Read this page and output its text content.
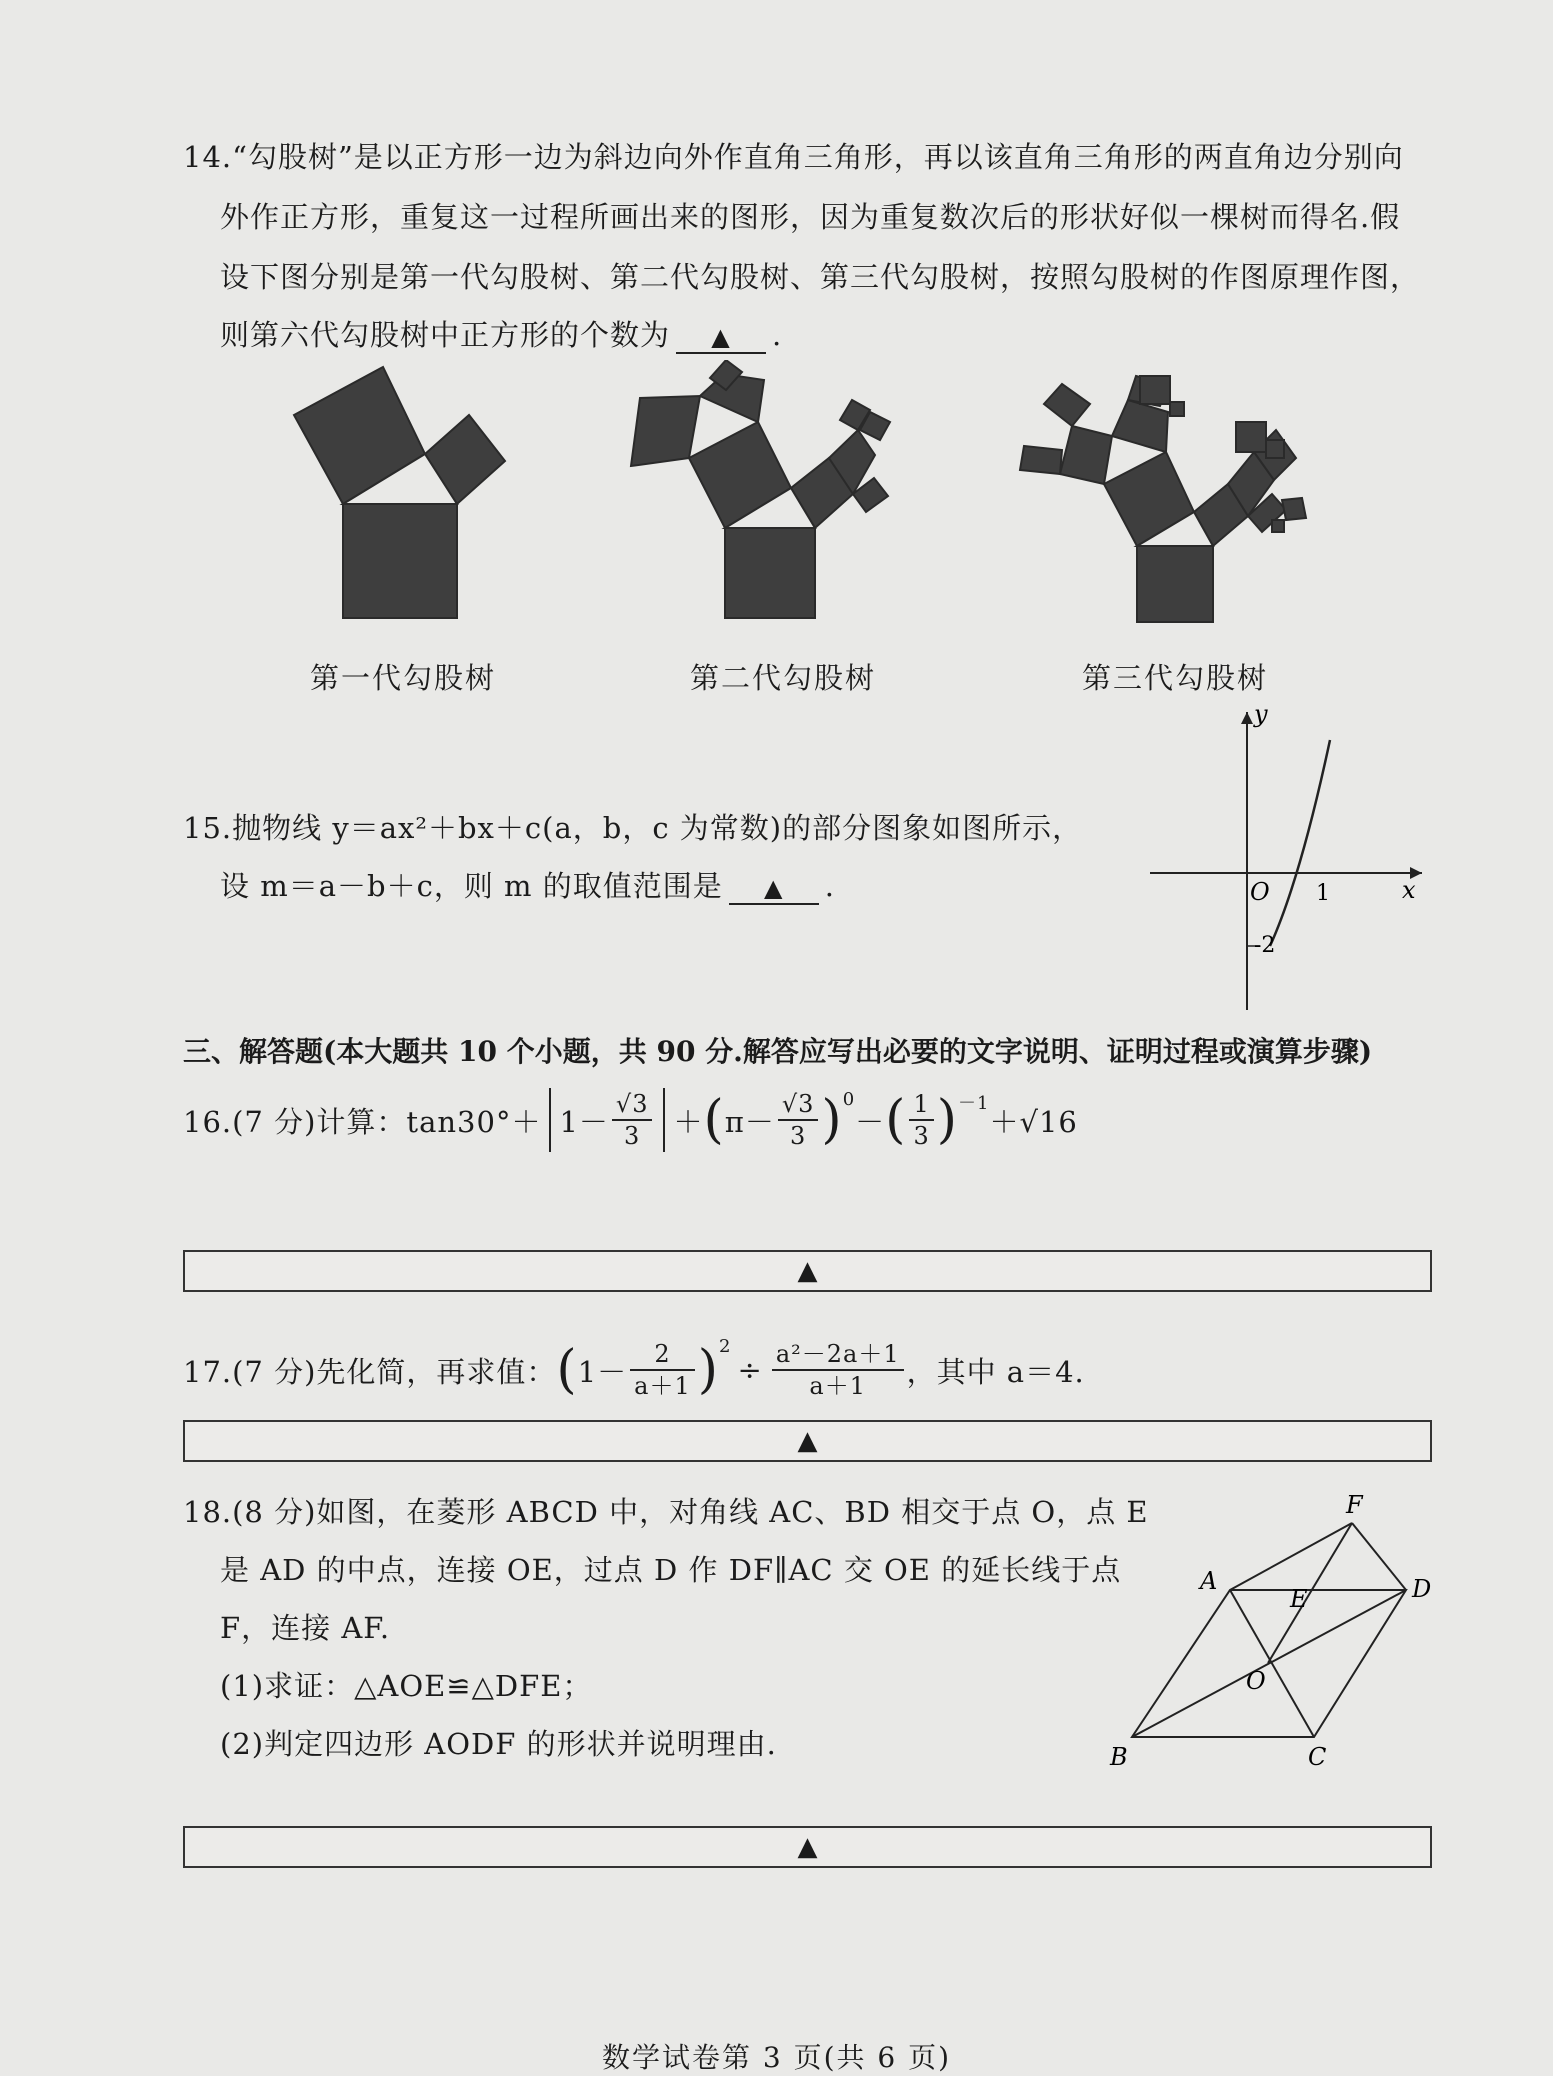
14.“勾股树”是以正方形一边为斜边向外作直角三角形，再以该直角三角形的两直角边分别向
外作正方形，重复这一过程所画出来的图形，因为重复数次后的形状好似一棵树而得名.假
设下图分别是第一代勾股树、第二代勾股树、第三代勾股树，按照勾股树的作图原理作图，
则第六代勾股树中正方形的个数为 ▲ .
第一代勾股树	第二代勾股树	第三代勾股树
15.抛物线 y＝ax²＋bx＋c(a，b，c 为常数)的部分图象如图所示，
设 m＝a－b＋c，则 m 的取值范围是 ▲ .
y
x
O 1
-2
三、解答题(本大题共 10 个小题，共 90 分.解答应写出必要的文字说明、证明过程或演算步骤)
16.(7 分)计算：$\tan 30^\circ+ 1- \frac{√3}{3}$ ＋ ( $\pi- \frac{√3}{3} )^0$
－ ( $\frac{1}{3} )^{-1}$
＋√16
▲
17.(7 分)先化简，再求值： ( $1- \frac{2}{a+1} )^2$
÷ $\frac{\text{a²－2a＋1}}{a+1}$ ，其中 a＝4.
▲
18.(8 分)如图，在菱形 ABCD 中，对角线 AC、BD 相交于点 O，点 E
是 AD 的中点，连接 OE，过点 D 作 DF∥AC 交 OE 的延长线于点
F，连接 AF.
(1)求证：△AOE≌△DFE；
(2)判定四边形 AODF 的形状并说明理由.
A
B	C
D
E
F
O
▲
数学试卷第 3 页(共 6 页)
